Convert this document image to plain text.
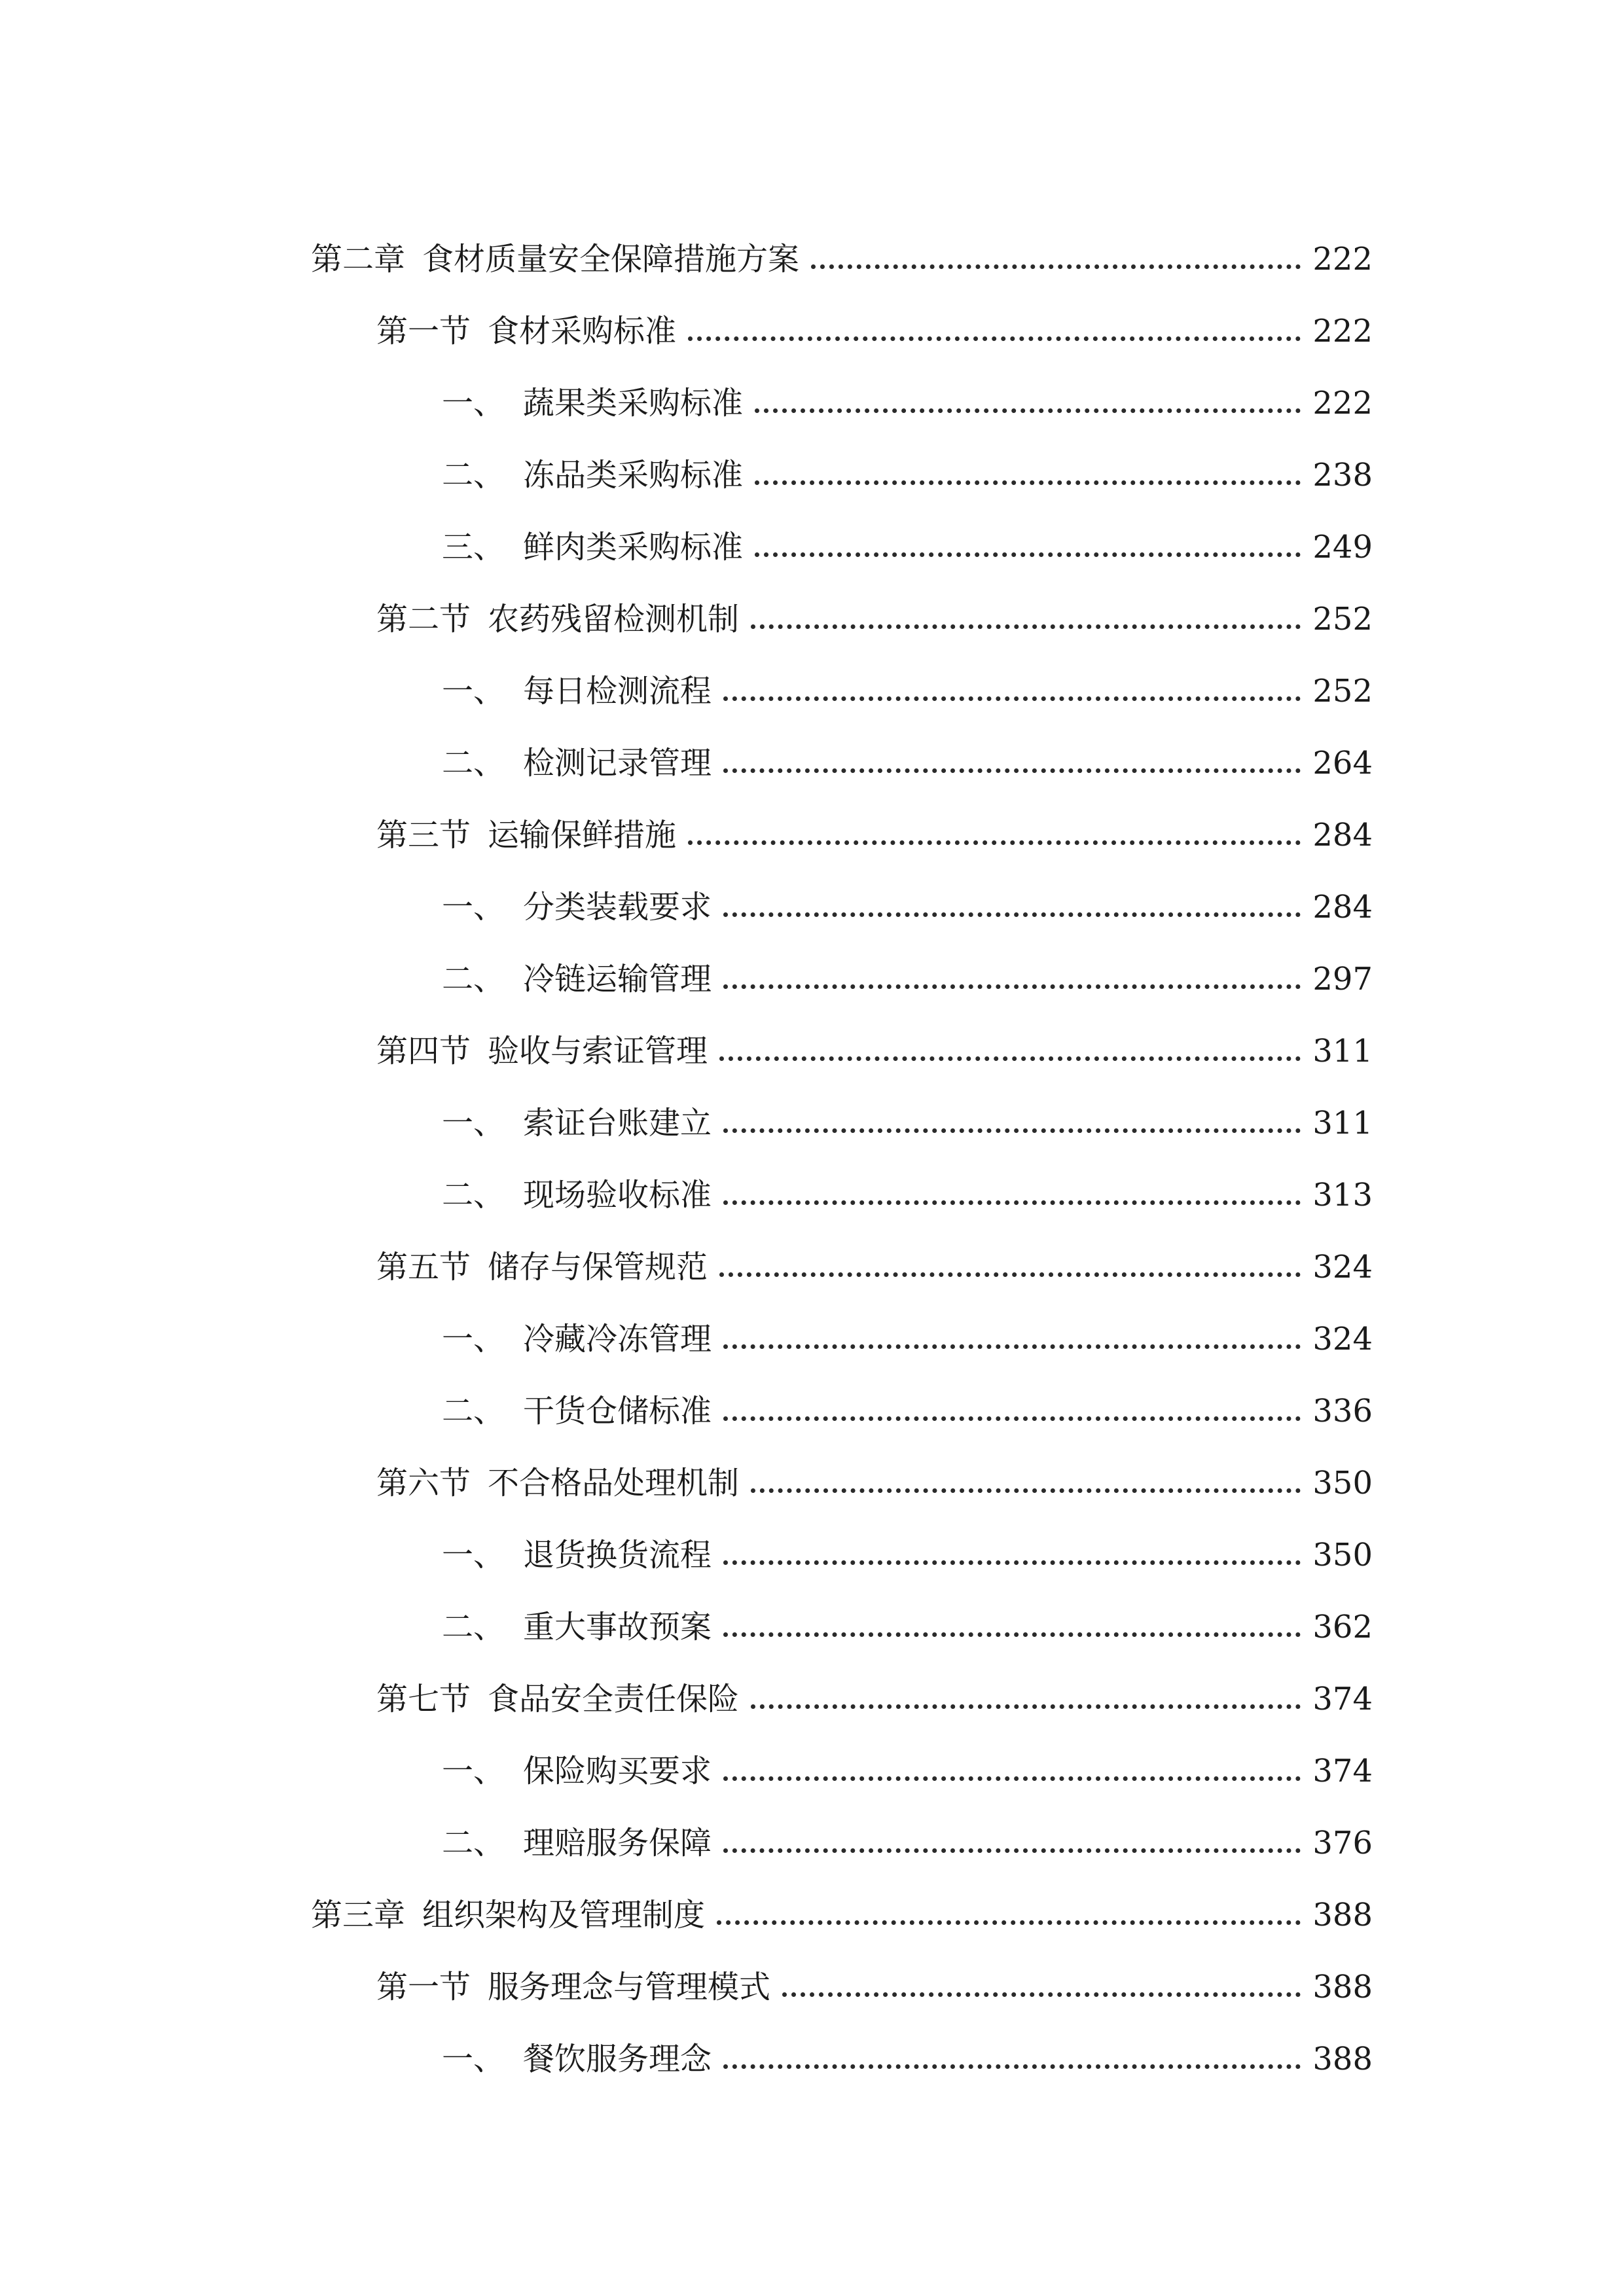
第二章 食材质量安全保障措施方案	222
第一节 食材采购标准	222
一、 蔬果类采购标准	222
二、 冻品类采购标准	238
三、 鲜肉类采购标准	249
第二节 农药残留检测机制	252
一、 每日检测流程	252
二、 检测记录管理	264
第三节 运输保鲜措施	284
一、 分类装载要求	284
二、 冷链运输管理	297
第四节 验收与索证管理	311
一、 索证台账建立	311
二、 现场验收标准	313
第五节 储存与保管规范	324
一、 冷藏冷冻管理	324
二、 干货仓储标准	336
第六节 不合格品处理机制	350
一、 退货换货流程	350
二、 重大事故预案	362
第七节 食品安全责任保险	374
一、 保险购买要求	374
二、 理赔服务保障	376
第三章 组织架构及管理制度	388
第一节 服务理念与管理模式	388
一、 餐饮服务理念	388
